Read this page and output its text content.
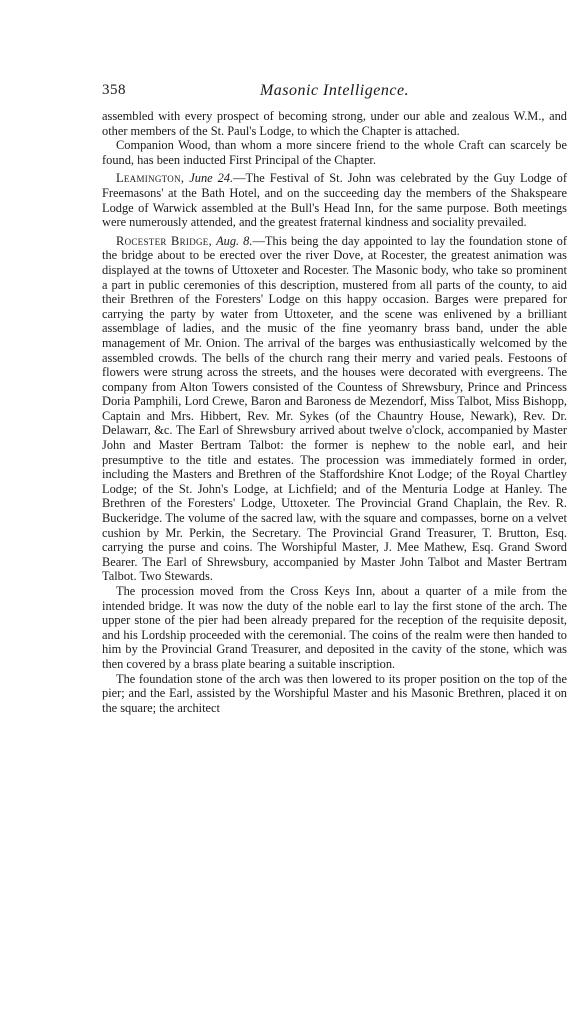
358	Masonic Intelligence.

assembled with every prospect of becoming strong, under our able and zealous W.M., and other members of the St. Paul's Lodge, to which the Chapter is attached.

Companion Wood, than whom a more sincere friend to the whole Craft can scarcely be found, has been inducted First Principal of the Chapter.

Leamington, June 24.—The Festival of St. John was celebrated by the Guy Lodge of Freemasons' at the Bath Hotel, and on the succeeding day the members of the Shakspeare Lodge of Warwick assembled at the Bull's Head Inn, for the same purpose. Both meetings were numerously attended, and the greatest fraternal kindness and sociality prevailed.

Rocester Bridge, Aug. 8.—This being the day appointed to lay the foundation stone of the bridge about to be erected over the river Dove, at Rocester, the greatest animation was displayed at the towns of Uttoxeter and Rocester. The Masonic body, who take so prominent a part in public ceremonies of this description, mustered from all parts of the county, to aid their Brethren of the Foresters' Lodge on this happy occasion. Barges were prepared for carrying the party by water from Uttoxeter, and the scene was enlivened by a brilliant assemblage of ladies, and the music of the fine yeomanry brass band, under the able management of Mr. Onion. The arrival of the barges was enthusiastically welcomed by the assembled crowds. The bells of the church rang their merry and varied peals. Festoons of flowers were strung across the streets, and the houses were decorated with evergreens. The company from Alton Towers consisted of the Countess of Shrewsbury, Prince and Princess Doria Pamphili, Lord Crewe, Baron and Baroness de Mezendorf, Miss Talbot, Miss Bishopp, Captain and Mrs. Hibbert, Rev. Mr. Sykes (of the Chauntry House, Newark), Rev. Dr. Delawarr, &c. The Earl of Shrewsbury arrived about twelve o'clock, accompanied by Master John and Master Bertram Talbot: the former is nephew to the noble earl, and heir presumptive to the title and estates. The procession was immediately formed in order, including the Masters and Brethren of the Staffordshire Knot Lodge; of the Royal Chartley Lodge; of the St. John's Lodge, at Lichfield; and of the Menturia Lodge at Hanley. The Brethren of the Foresters' Lodge, Uttoxeter. The Provincial Grand Chaplain, the Rev. R. Buckeridge. The volume of the sacred law, with the square and compasses, borne on a velvet cushion by Mr. Perkin, the Secretary. The Provincial Grand Treasurer, T. Brutton, Esq. carrying the purse and coins. The Worshipful Master, J. Mee Mathew, Esq. Grand Sword Bearer. The Earl of Shrewsbury, accompanied by Master John Talbot and Master Bertram Talbot. Two Stewards.

The procession moved from the Cross Keys Inn, about a quarter of a mile from the intended bridge. It was now the duty of the noble earl to lay the first stone of the arch. The upper stone of the pier had been already prepared for the reception of the requisite deposit, and his Lordship proceeded with the ceremonial. The coins of the realm were then handed to him by the Provincial Grand Treasurer, and deposited in the cavity of the stone, which was then covered by a brass plate bearing a suitable inscription.

The foundation stone of the arch was then lowered to its proper position on the top of the pier; and the Earl, assisted by the Worshipful Master and his Masonic Brethren, placed it on the square; the architect
